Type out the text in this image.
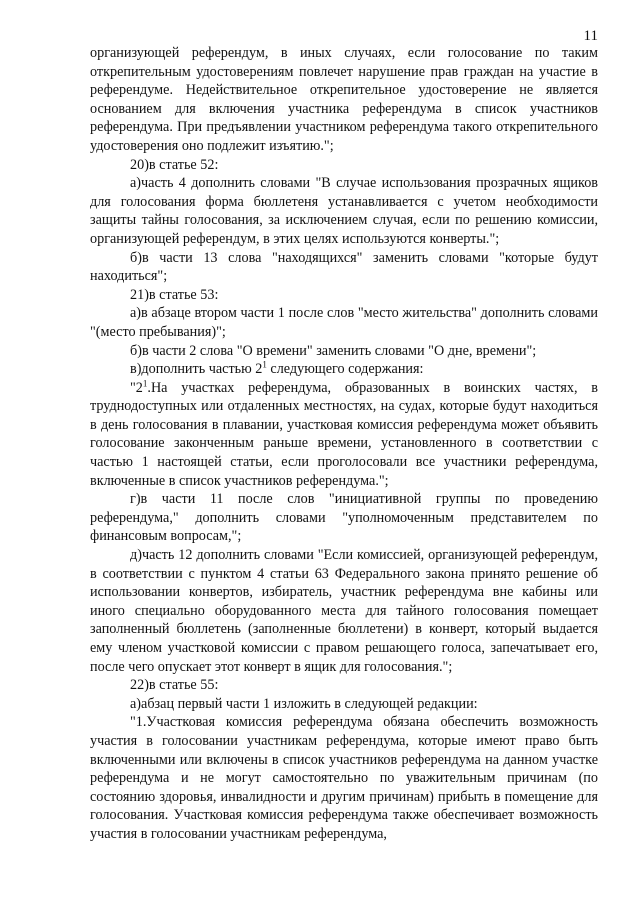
11

организующей референдум, в иных случаях, если голосование по таким открепительным удостоверениям повлечет нарушение прав граждан на участие в референдуме. Недействительное открепительное удостоверение не является основанием для включения участника референдума в список участников референдума. При предъявлении участником референдума такого открепительного удостоверения оно подлежит изъятию.";

20)в статье 52:

а)часть 4 дополнить словами "В случае использования прозрачных ящиков для голосования форма бюллетеня устанавливается с учетом необходимости защиты тайны голосования, за исключением случая, если по решению комиссии, организующей референдум, в этих целях используются конверты.";

б)в части 13 слова "находящихся" заменить словами "которые будут находиться";

21)в статье 53:

а)в абзаце втором части 1 после слов "место жительства" дополнить словами "(место пребывания)";

б)в части 2 слова "О времени" заменить словами "О дне, времени";

в)дополнить частью $2^1$ следующего содержания:

"$2^1.На$ участках референдума, образованных в воинских частях, в труднодоступных или отдаленных местностях, на судах, которые будут находиться в день голосования в плавании, участковая комиссия референдума может объявить голосование законченным раньше времени, установленного в соответствии с частью 1 настоящей статьи, если проголосовали все участники референдума, включенные в список участников референдума.";

г)в части 11 после слов "инициативной группы по проведению референдума," дополнить словами "уполномоченным представителем по финансовым вопросам,";

д)часть 12 дополнить словами "Если комиссией, организующей референдум, в соответствии с пунктом 4 статьи 63 Федерального закона принято решение об использовании конвертов, избиратель, участник референдума вне кабины или иного специально оборудованного места для тайного голосования помещает заполненный бюллетень (заполненные бюллетени) в конверт, который выдается ему членом участковой комиссии с правом решающего голоса, запечатывает его, после чего опускает этот конверт в ящик для голосования.";

22)в статье 55:

а)абзац первый части 1 изложить в следующей редакции:

"1.Участковая комиссия референдума обязана обеспечить возможность участия в голосовании участникам референдума, которые имеют право быть включенными или включены в список участников референдума на данном участке референдума и не могут самостоятельно по уважительным причинам (по состоянию здоровья, инвалидности и другим причинам) прибыть в помещение для голосования. Участковая комиссия референдума также обеспечивает возможность участия в голосовании участникам референдума,
